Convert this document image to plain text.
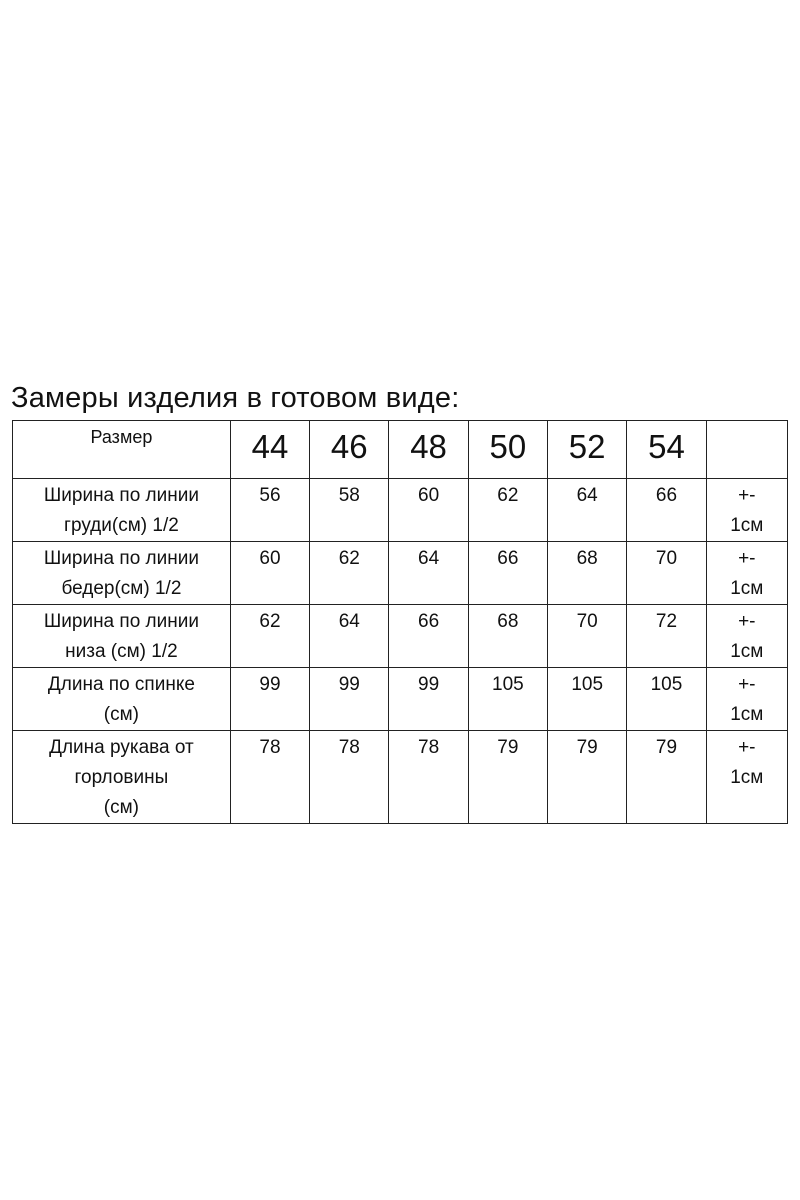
Замеры изделия в готовом виде:
Размер	44	46	48	50	52	54	

Ширина по линии
груди(см) 1/2	56	58	60	62	64	66	+-
1см

Ширина по линии
бедер(см) 1/2	60	62	64	66	68	70	+-
1см

Ширина по линии
низа (см) 1/2	62	64	66	68	70	72	+-
1см

Длина по спинке
(см)	99	99	99	105	105	105	+-
1см

Длина рукава от
горловины
(см)	78	78	78	79	79	79	+-
1см
